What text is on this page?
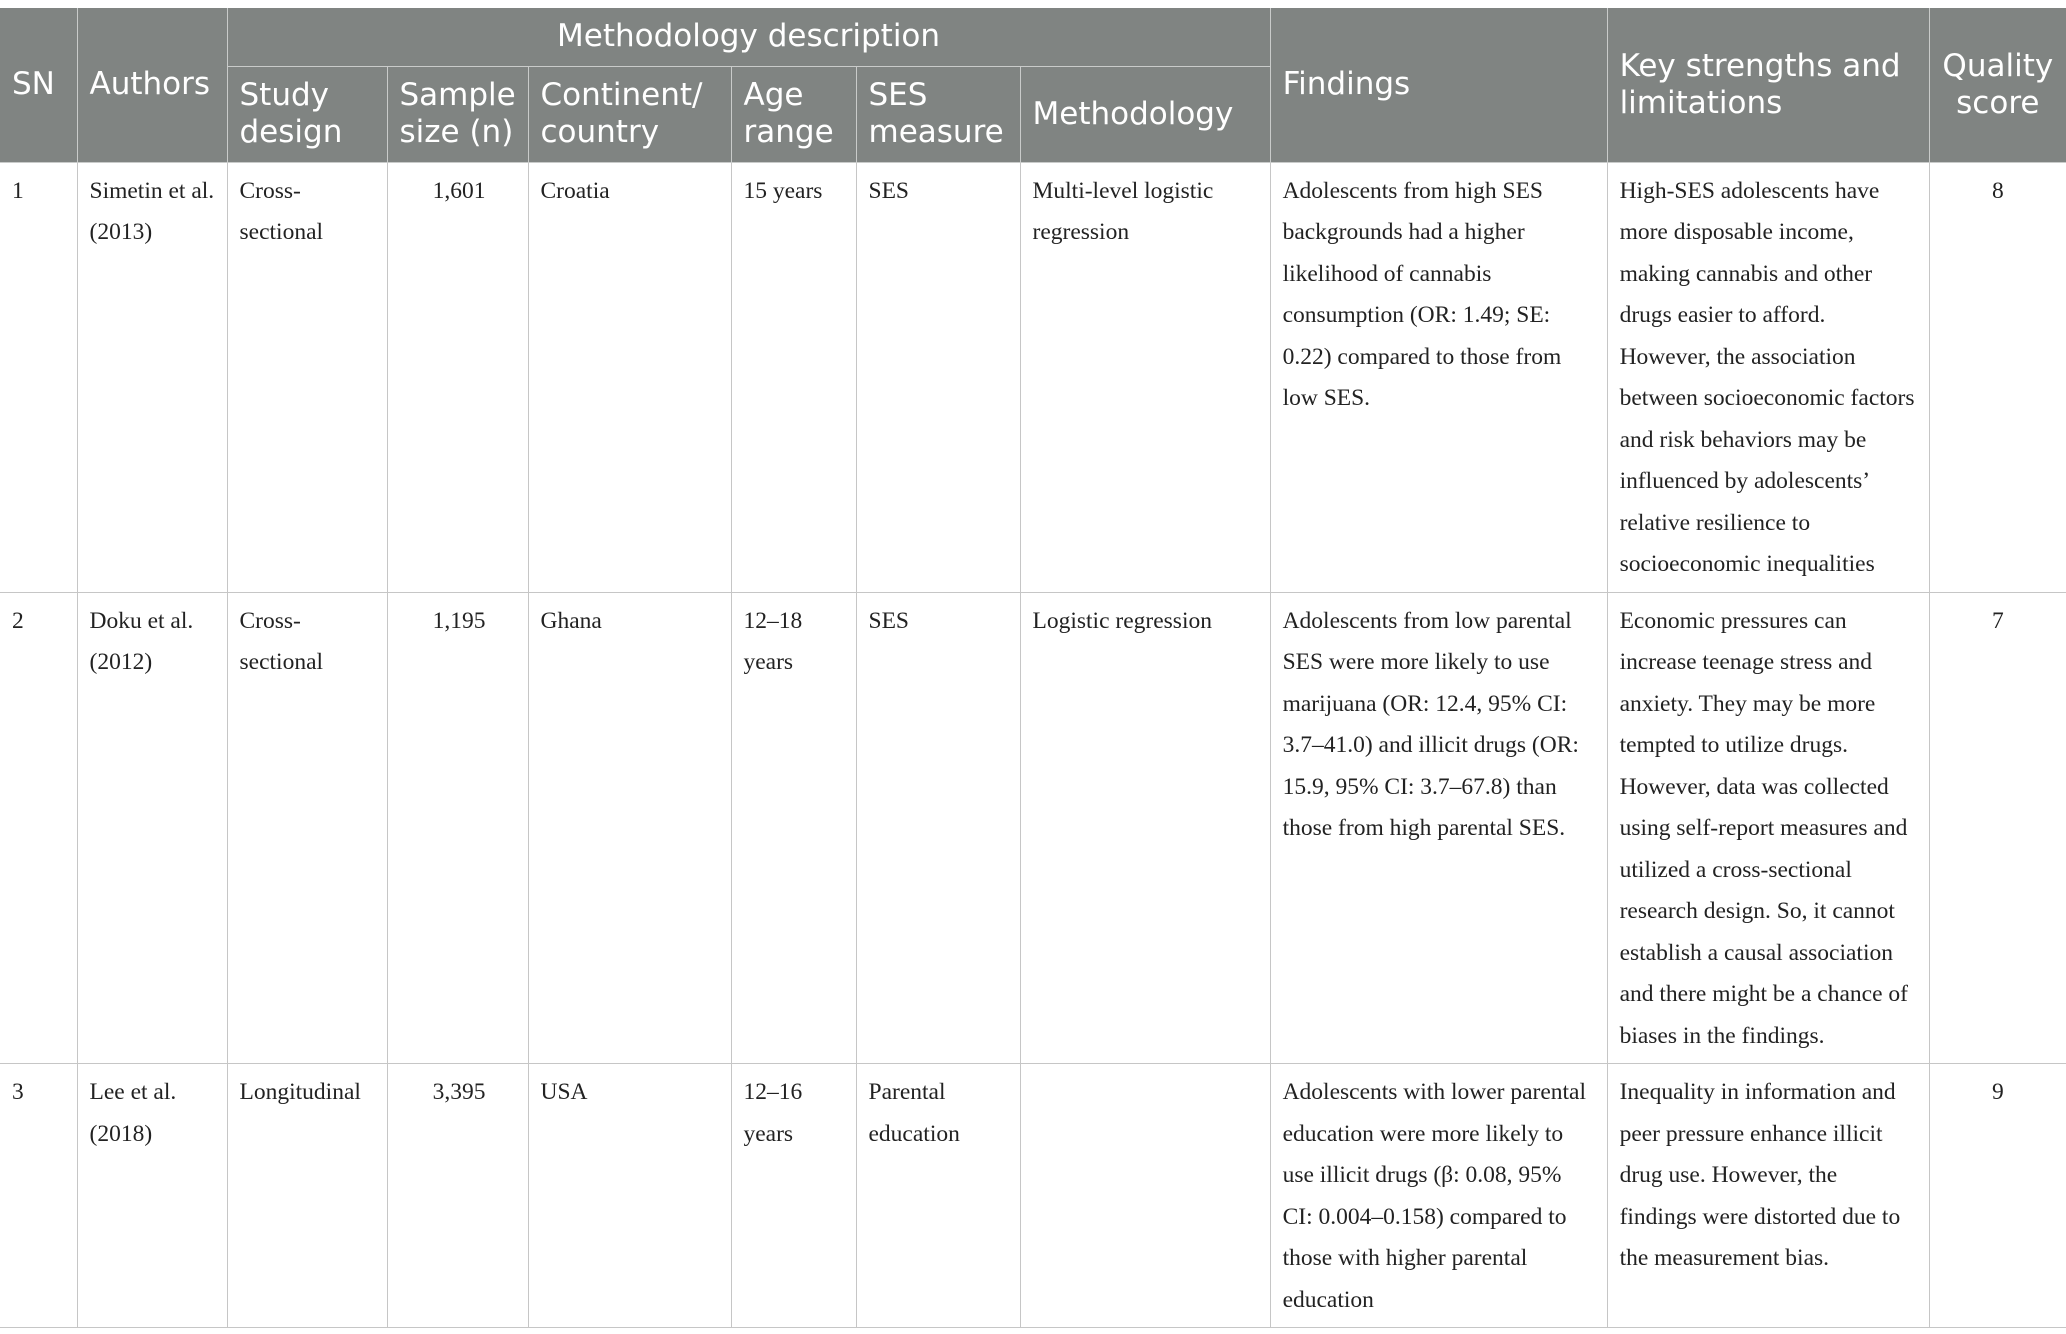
SN	Authors	Methodology description						Findings	Key strengths and limitations	Quality score
		Study design	Sample size (n)	Continent/ country	Age range	SES measure	Methodology			
1	Simetin et al. (2013)	Cross-sectional	1,601	Croatia	15 years	SES	Multi-level logistic regression	Adolescents from high SES backgrounds had a higher likelihood of cannabis consumption (OR: 1.49; SE: 0.22) compared to those from low SES.	High-SES adolescents have more disposable income, making cannabis and other drugs easier to afford. However, the association between socioeconomic factors and risk behaviors may be influenced by adolescents’ relative resilience to socioeconomic inequalities	8
2	Doku et al. (2012)	Cross-sectional	1,195	Ghana	12–18 years	SES	Logistic regression	Adolescents from low parental SES were more likely to use marijuana (OR: 12.4, 95% CI: 3.7–41.0) and illicit drugs (OR: 15.9, 95% CI: 3.7–67.8) than those from high parental SES.	Economic pressures can increase teenage stress and anxiety. They may be more tempted to utilize drugs. However, data was collected using self-report measures and utilized a cross-sectional research design. So, it cannot establish a causal association and there might be a chance of biases in the findings.	7
3	Lee et al. (2018)	Longitudinal	3,395	USA	12–16 years	Parental education		Adolescents with lower parental education were more likely to use illicit drugs (β: 0.08, 95% CI: 0.004–0.158) compared to those with higher parental education	Inequality in information and peer pressure enhance illicit drug use. However, the findings were distorted due to the measurement bias.	9
